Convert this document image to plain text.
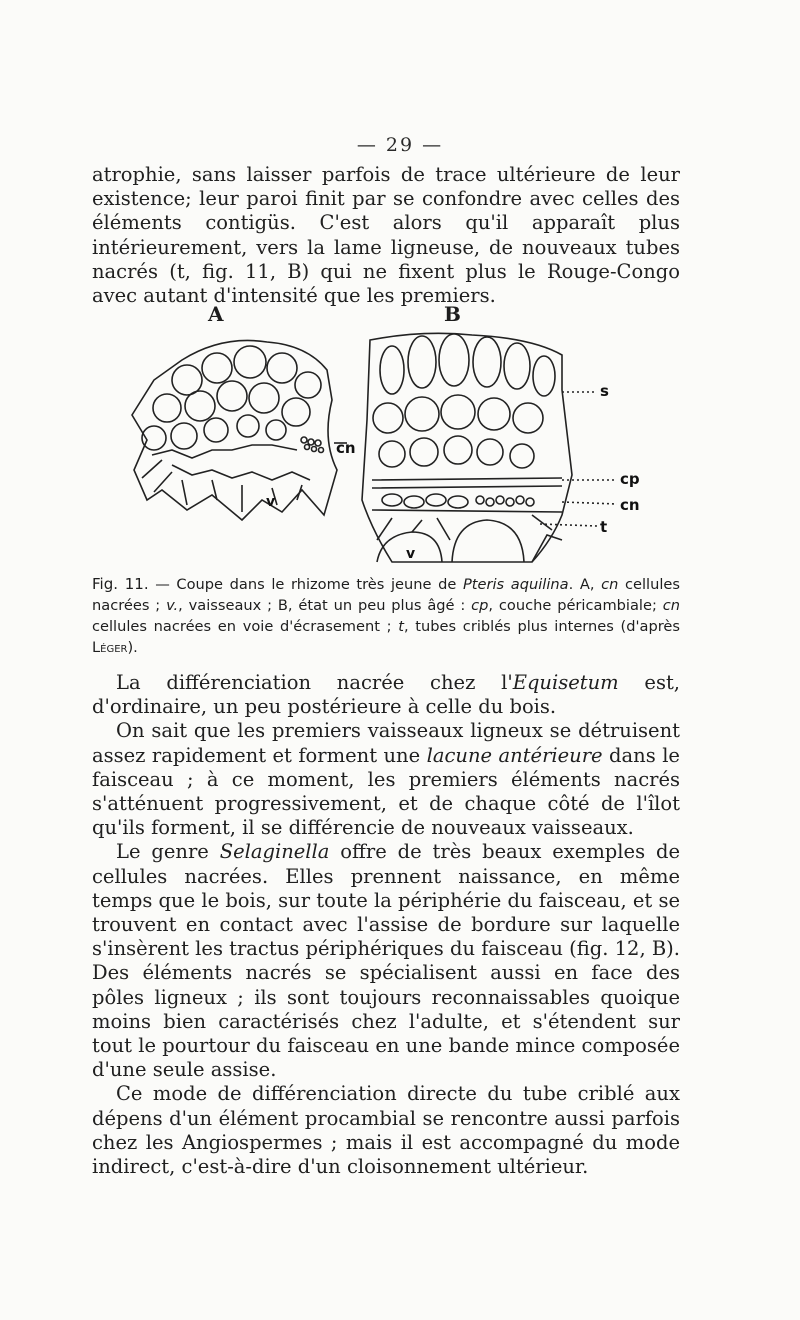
— 29 —
atrophie, sans laisser parfois de trace ultérieure de leur existence; leur paroi finit par se confondre avec celles des éléments contigüs. C'est alors qu'il apparaît plus intérieurement, vers la lame ligneuse, de nouveaux tubes nacrés (t, fig. 11, B) qui ne fixent plus le Rouge-Congo avec autant d'intensité que les premiers.
A	B
cn
v
s
cp
cn
t
v
Fig. 11. — Coupe dans le rhizome très jeune de Pteris aquilina. A, cn cellules nacrées ; v., vaisseaux ; B, état un peu plus âgé : cp, couche péricambiale; cn cellules nacrées en voie d'écrasement ; t, tubes criblés plus internes (d'après Léger).

La différenciation nacrée chez l'Equisetum est, d'ordinaire, un peu postérieure à celle du bois.

On sait que les premiers vaisseaux ligneux se détruisent assez rapidement et forment une lacune antérieure dans le faisceau ; à ce moment, les premiers éléments nacrés s'atténuent progressivement, et de chaque côté de l'îlot qu'ils forment, il se différencie de nouveaux vaisseaux.

Le genre Selaginella offre de très beaux exemples de cellules nacrées. Elles prennent naissance, en même temps que le bois, sur toute la périphérie du faisceau, et se trouvent en contact avec l'assise de bordure sur laquelle s'insèrent les tractus périphériques du faisceau (fig. 12, B). Des éléments nacrés se spécialisent aussi en face des pôles ligneux ; ils sont toujours reconnaissables quoique moins bien caractérisés chez l'adulte, et s'étendent sur tout le pourtour du faisceau en une bande mince composée d'une seule assise.

Ce mode de différenciation directe du tube criblé aux dépens d'un élément procambial se rencontre aussi parfois chez les Angiospermes ; mais il est accompagné du mode indirect, c'est-à-dire d'un cloisonnement ultérieur.
